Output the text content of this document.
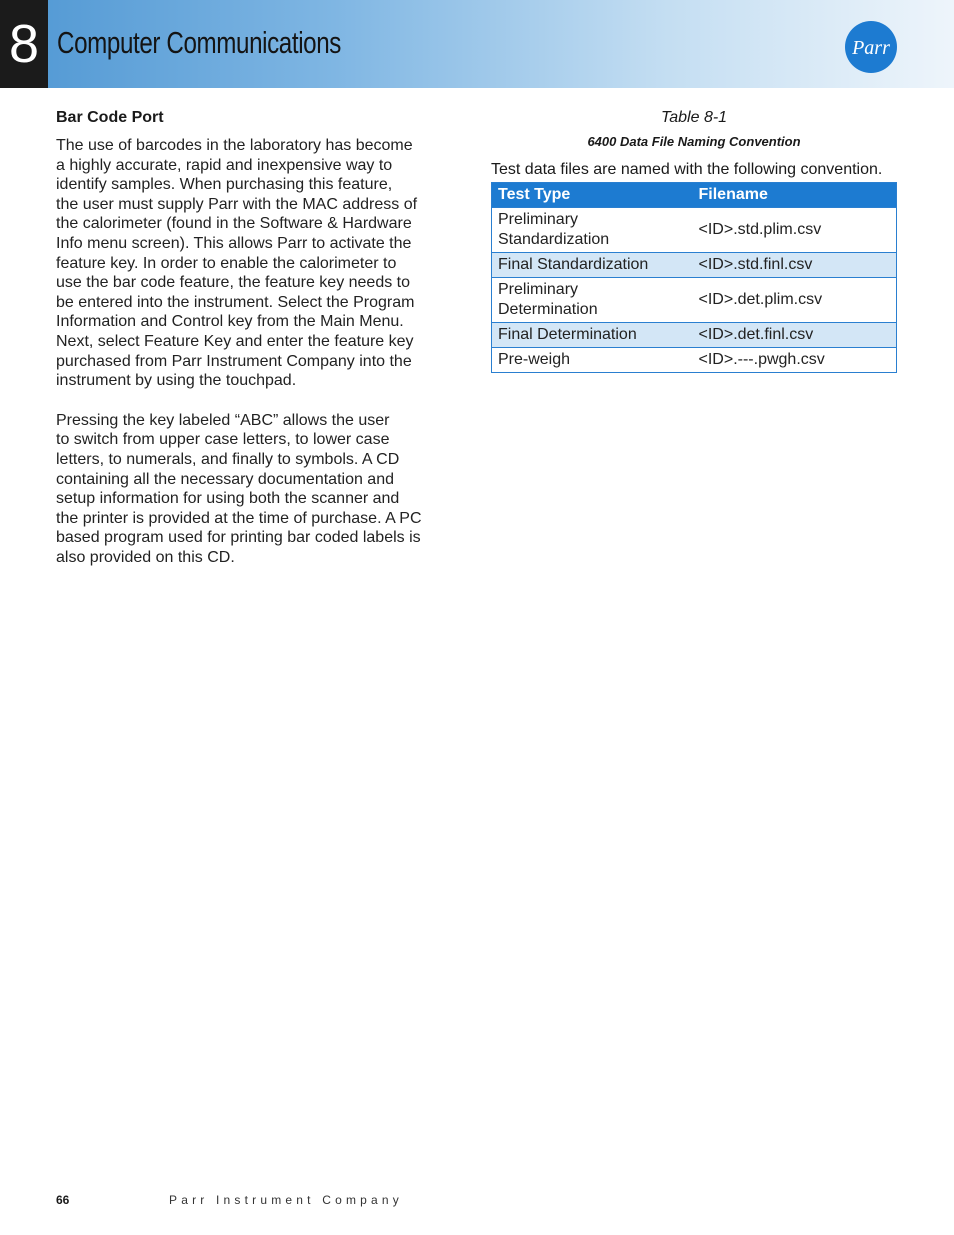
8 Computer Communications	Parr
Bar Code Port
The use of barcodes in the laboratory has become
a highly accurate, rapid and inexpensive way to
identify samples. When purchasing this feature,
the user must supply Parr with the MAC address of
the calorimeter (found in the Software & Hardware
Info menu screen). This allows Parr to activate the
feature key. In order to enable the calorimeter to
use the bar code feature, the feature key needs to
be entered into the instrument. Select the Program
Information and Control key from the Main Menu.
Next, select Feature Key and enter the feature key
purchased from Parr Instrument Company into the
instrument by using the touchpad.
Pressing the key labeled “ABC” allows the user
to switch from upper case letters, to lower case
letters, to numerals, and finally to symbols. A CD
containing all the necessary documentation and
setup information for using both the scanner and
the printer is provided at the time of purchase. A PC
based program used for printing bar coded labels is
also provided on this CD.
Table 8-1
6400 Data File Naming Convention
Test data files are named with the following convention.
Test Type	Filename

Preliminary
Standardization	<ID>.std.plim.csv

Final Standardization	<ID>.std.finl.csv

Preliminary
Determination	<ID>.det.plim.csv

Final Determination	<ID>.det.finl.csv

Pre-weigh	<ID>.---.pwgh.csv
66	Parr Instrument Company
